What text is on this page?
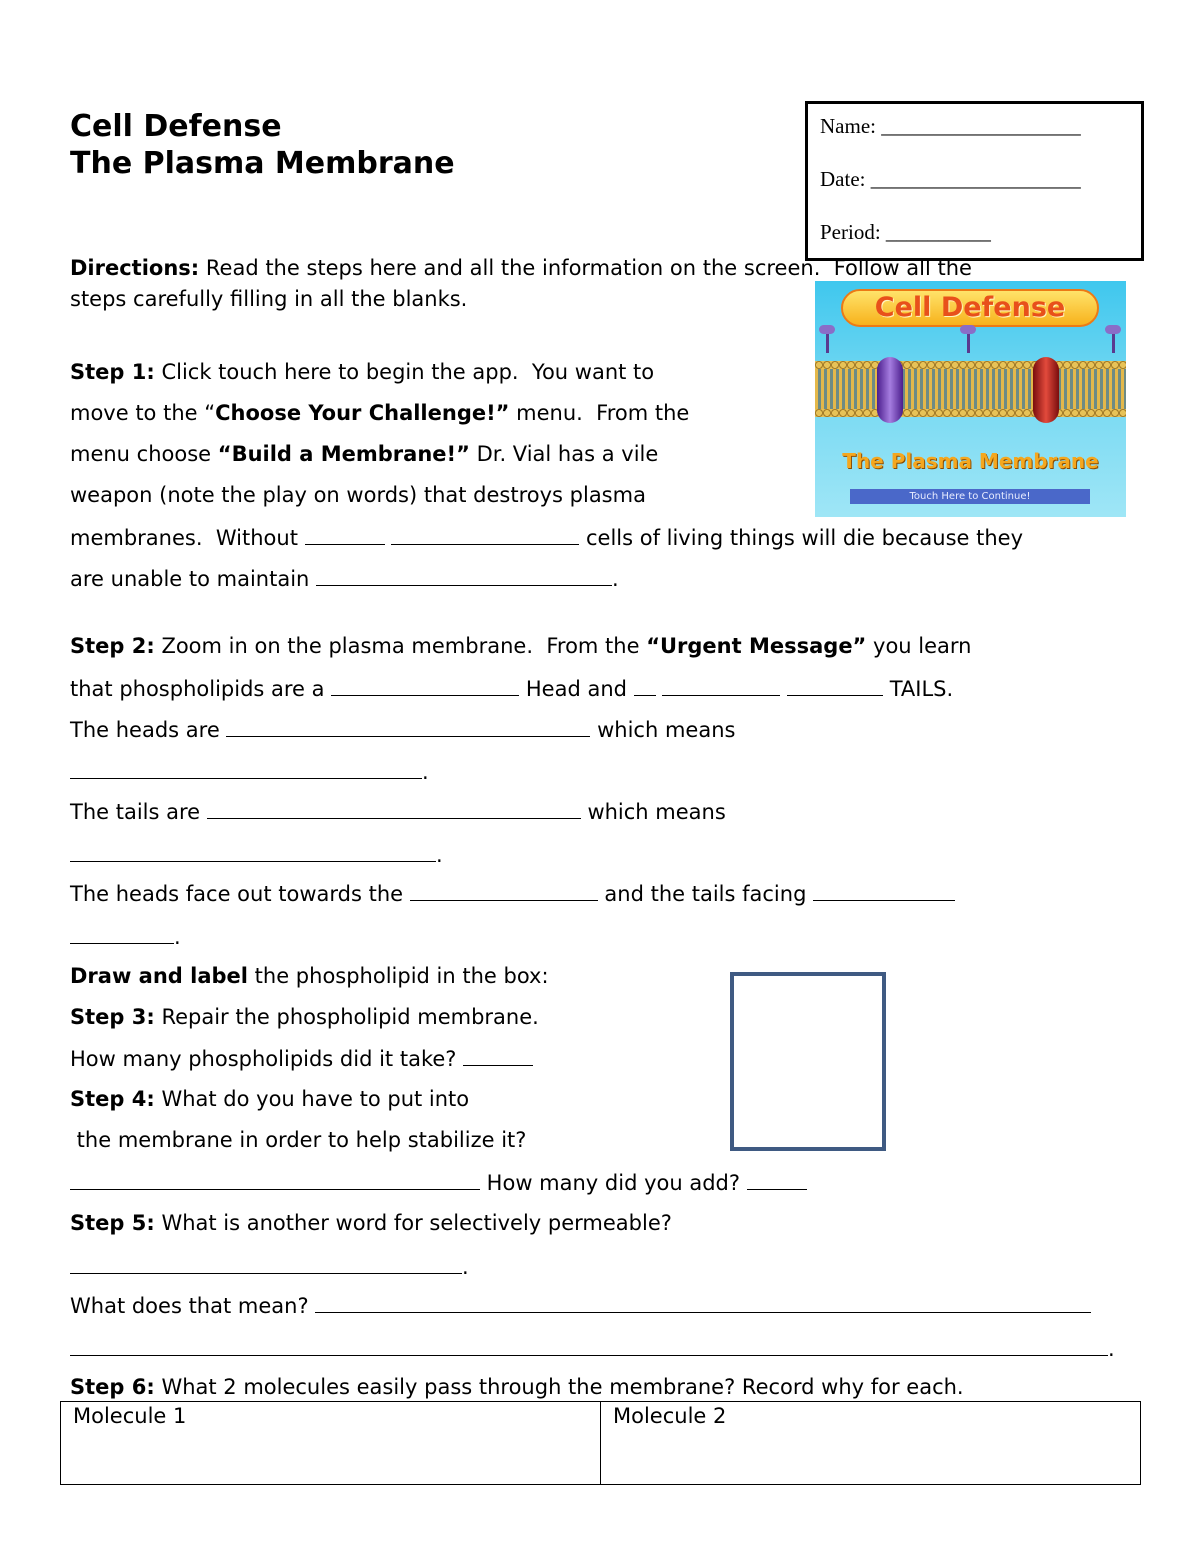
Cell Defense
The Plasma Membrane
Name: ___________________
Date: ____________________
Period: __________
Directions: Read the steps here and all the information on the screen.  Follow all the
steps carefully filling in all the blanks.	Cell Defense
The Plasma Membrane
Touch Here to Continue!
Step 1: Click touch here to begin the app.  You want to
move to the “Choose Your Challenge!” menu.  From the
menu choose “Build a Membrane!” Dr. Vial has a vile
weapon (note the play on words) that destroys plasma
membranes.  Without	cells of living things will die because they
are unable to maintain	.
Step 2: Zoom in on the plasma membrane.  From the “Urgent Message” you learn
that phospholipids are a	Head and	TAILS.
The heads are	which means
.
The tails are	which means
.
The heads face out towards the	and the tails facing
.
Draw and label the phospholipid in the box:
Step 3: Repair the phospholipid membrane.
How many phospholipids did it take?
Step 4: What do you have to put into
the membrane in order to help stabilize it?
How many did you add?
Step 5: What is another word for selectively permeable?
.
What does that mean?
.
Step 6: What 2 molecules easily pass through the membrane? Record why for each.
Molecule 1	Molecule 2
